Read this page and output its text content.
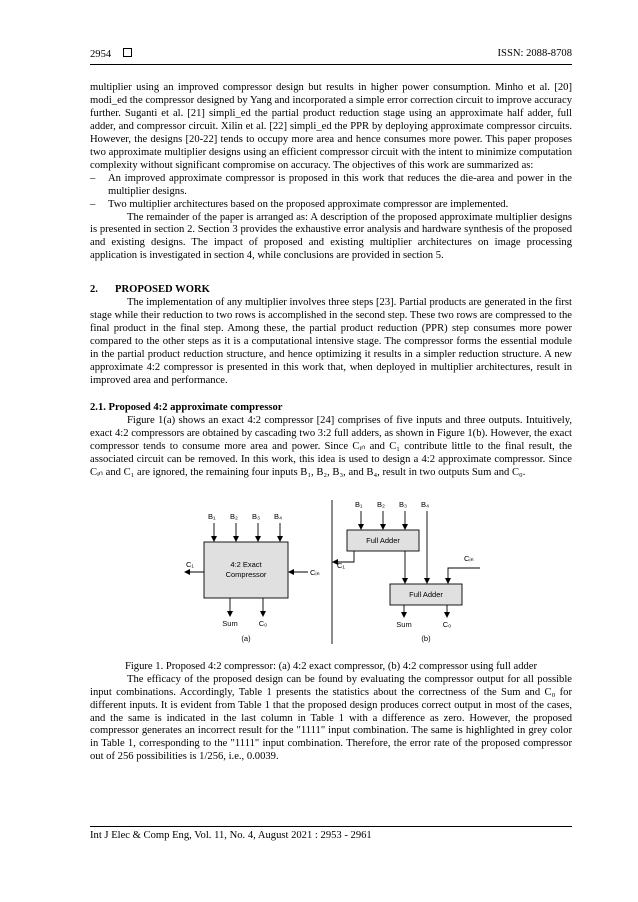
2954	ISSN: 2088-8708

multiplier using an improved compressor design but results in higher power consumption. Minho et al. [20] modi_ed the compressor designed by Yang and incorporated a simple error correction circuit to improve accuracy further. Suganti et al. [21] simpli_ed the partial product reduction stage using an approximate half adder, full adder, and compressor circuit. Xilin et al. [22] simpli_ed the PPR by deploying approximate compressor circuits. However, the designs [20-22] tends to occupy more area and hence consumes more power. This paper proposes two approximate multiplier designs using an efficient compressor circuit with the intent to minimize computation complexity without significant compromise on accuracy. The objectives of this work are summarized as:

–	An improved approximate compressor is proposed in this work that reduces the die-area and power in the multiplier designs.
–	Two multiplier architectures based on the proposed approximate compressor are implemented.

The remainder of the paper is arranged as: A description of the proposed approximate multiplier designs is presented in section 2. Section 3 provides the exhaustive error analysis and hardware synthesis of the proposed and existing designs. The impact of proposed and existing multiplier architectures on image processing application is investigated in section 4, while conclusions are provided in section 5.

2. PROPOSED WORK

The implementation of any multiplier involves three steps [23]. Partial products are generated in the first stage while their reduction to two rows is accomplished in the second step. These two rows are compressed to the final product in the final step. Among these, the partial product reduction (PPR) step consumes more power compared to the other steps as it is a computational intensive stage. The compressor forms the essential module in the partial product reduction structure, and hence optimizing it results in a simpler reduction structure. A new approximate 4:2 compressor is presented in this work that, when deployed in multiplier architectures, result in improved area and performance.

2.1. Proposed 4:2 approximate compressor

Figure 1(a) shows an exact 4:2 compressor [24] comprises of five inputs and three outputs. Intuitively, exact 4:2 compressors are obtained by cascading two 3:2 full adders, as shown in Figure 1(b). However, the exact compressor tends to consume more area and power. Since Cᵢₙ and C₁ contribute little to the final result, the associated circuit can be removed. In this work, this idea is used to design a 4:2 approximate compressor. Since Cᵢₙ and C₁ are ignored, the remaining four inputs B₁, B₂, B₃, and B₄, result in two outputs Sum and C₀.

B₁ B₂ B₃ B₄
4:2 Exact
Compressor
C₁
Cᵢₙ
Sum	C₀
(a)
B₁ B₂ B₃ B₄
Full Adder
C₁
Cᵢₙ
Full Adder
Sum	C₀
(b)
Figure 1. Proposed 4:2 compressor: (a) 4:2 exact compressor, (b) 4:2 compressor using full adder

The efficacy of the proposed design can be found by evaluating the compressor output for all possible input combinations. Accordingly, Table 1 presents the statistics about the correctness of the Sum and C₀ for different inputs. It is evident from Table 1 that the proposed design produces correct output in most of the cases, and the same is indicated in the last column in Table 1 with a difference as zero. However, the proposed compressor generates an incorrect result for the "1111" input combination. The same is highlighted in grey color in Table 1, corresponding to the "1111" input combination. Therefore, the error rate of the proposed compressor out of 256 possibilities is 1/256, i.e., 0.0039.

Int J Elec & Comp Eng, Vol. 11, No. 4, August 2021 : 2953 - 2961
